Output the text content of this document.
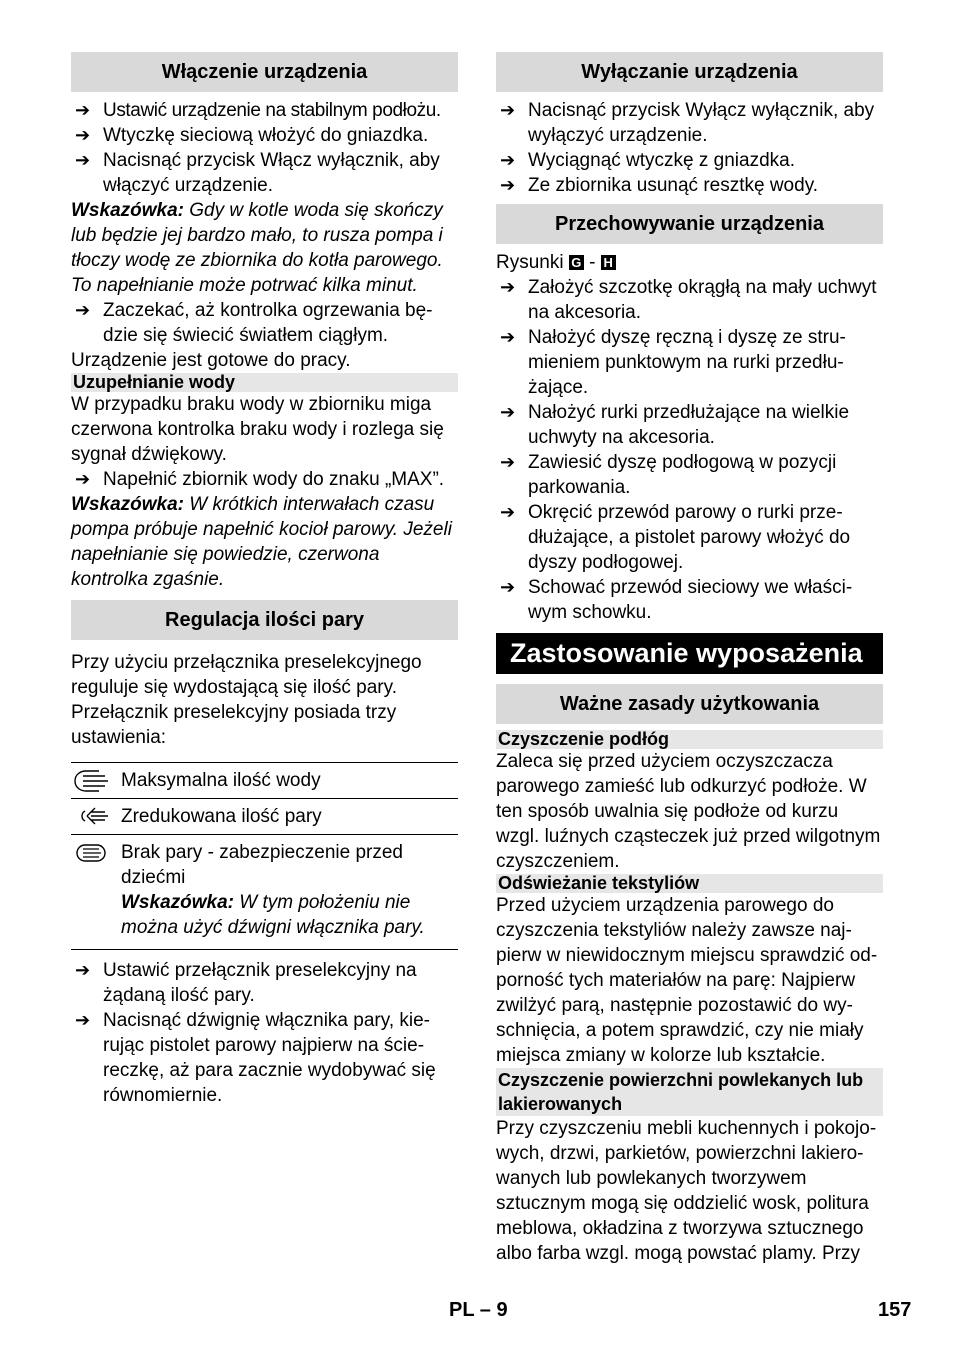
Włączenie urządzenia
➔ Ustawić urządzenie na stabilnym podłożu.
➔ Wtyczkę sieciową włożyć do gniazdka.
➔ Nacisnąć przycisk Włącz wyłącznik, aby włączyć urządzenie.
Wskazówka: Gdy w kotle woda się skończy lub będzie jej bardzo mało, to rusza pompa i tłoczy wodę ze zbiornika do kotła parowego. To napełnianie może potrwać kilka minut.
➔ Zaczekać, aż kontrolka ogrzewania będzie się świecić światłem ciągłym.
Urządzenie jest gotowe do pracy.
Uzupełnianie wody
W przypadku braku wody w zbiorniku miga czerwona kontrolka braku wody i rozlega się sygnał dźwiękowy.
➔ Napełnić zbiornik wody do znaku „MAX”.
Wskazówka: W krótkich interwałach czasu pompa próbuje napełnić kocioł parowy. Jeżeli napełnianie się powiedzie, czerwona kontrolka zgaśnie.
Regulacja ilości pary
Przy użyciu przełącznika preselekcyjnego reguluje się wydostającą się ilość pary. Przełącznik preselekcyjny posiada trzy ustawienia:
	Maksymalna ilość wody

	Zredukowana ilość pary

Brak pary - zabezpieczenie przed dziećmi
Wskazówka: W tym położeniu nie można użyć dźwigni włącznika pary.
➔ Ustawić przełącznik preselekcyjny na żądaną ilość pary.
➔ Nacisnąć dźwignię włącznika pary, kierując pistolet parowy najpierw na ściereczkę, aż para zacznie wydobywać się równomiernie.
Wyłączanie urządzenia
➔ Nacisnąć przycisk Wyłącz wyłącznik, aby wyłączyć urządzenie.
➔ Wyciągnąć wtyczkę z gniazdka.
➔ Ze zbiornika usunąć resztkę wody.
Przechowywanie urządzenia
Rysunki G - H
➔ Założyć szczotkę okrągłą na mały uchwyt na akcesoria.
➔ Nałożyć dyszę ręczną i dyszę ze strumieniem punktowym na rurki przedłużające.
➔ Nałożyć rurki przedłużające na wielkie uchwyty na akcesoria.
➔ Zawiesić dyszę podłogową w pozycji parkowania.
➔ Okręcić przewód parowy o rurki przedłużające, a pistolet parowy włożyć do dyszy podłogowej.
➔ Schować przewód sieciowy we właściwym schowku.
Zastosowanie wyposażenia
Ważne zasady użytkowania
Czyszczenie podłóg
Zaleca się przed użyciem oczyszczacza parowego zamieść lub odkurzyć podłoże. W ten sposób uwalnia się podłoże od kurzu wzgl. luźnych cząsteczek już przed wilgotnym czyszczeniem.
Odświeżanie tekstyliów
Przed użyciem urządzenia parowego do czyszczenia tekstyliów należy zawsze najpierw w niewidocznym miejscu sprawdzić odporność tych materiałów na parę: Najpierw zwilżyć parą, następnie pozostawić do wyschnięcia, a potem sprawdzić, czy nie miały miejsca zmiany w kolorze lub kształcie.
Czyszczenie powierzchni powlekanych lub lakierowanych
Przy czyszczeniu mebli kuchennych i pokojowych, drzwi, parkietów, powierzchni lakierowanych lub powlekanych tworzywem sztucznym mogą się oddzielić wosk, politura meblowa, okładzina z tworzywa sztucznego albo farba wzgl. mogą powstać plamy. Przy
PL – 9	157
